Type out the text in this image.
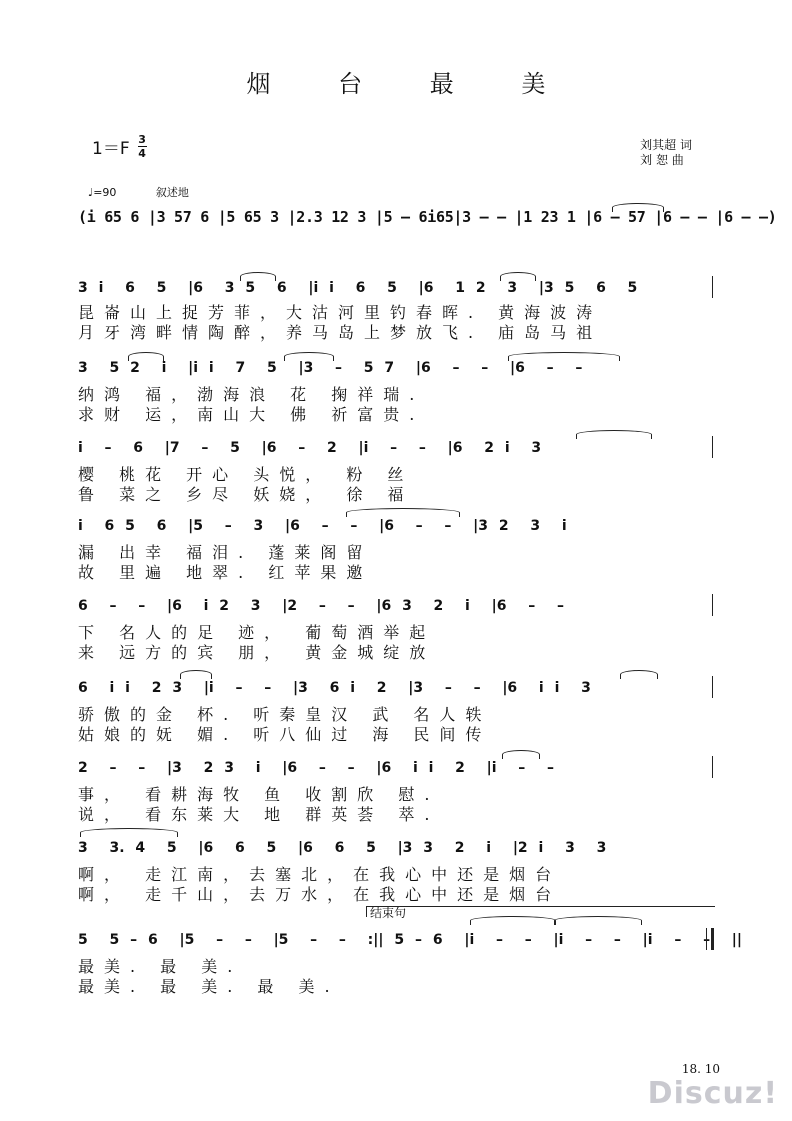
烟 台 最 美
$1=F \frac{3}{4}$	刘其超 词
刘 恕 曲
♩=90	叙述地
(i 65 6 |3 57 6 |5 65 3 |2.3 12 3 |5 – 6i65|3 – – |1 23 1 |6 – 57 |6 – – |6 – –)
3 i  6  5  |6  3 5  6  |i i  6  5  |6  1 2  3  |3 5  6  5
昆崙山上捉芳菲，大沽河里钓春晖. 黄海波涛
月牙湾畔情陶醉，养马岛上梦放飞. 庙岛马祖
3  5 2  i  |i i  7  5  |3  –  5 7  |6  –  –  |6  –  –
纳鸿 福，渤海浪 花 掬祥瑞.
求财 运，南山大 佛 祈富贵.
i  –  6  |7  –  5  |6  –  2  |i  –  –  |6  2 i  3
樱 桃花 开心 头悦， 粉 丝
鲁 菜之 乡尽 妖娆， 徐 福
i  6 5  6  |5  –  3  |6  –  –  |6  –  –  |3 2  3  i
漏 出幸 福泪. 蓬莱阁留
故 里遍 地翠. 红苹果邀
6  –  –  |6  i 2  3  |2  –  –  |6 3  2  i  |6  –  –
下 名人的足 迹， 葡萄酒举起
来 远方的宾 朋， 黄金城绽放
6  i i  2 3  |i  –  –  |3  6 i  2  |3  –  –  |6  i i  3
骄傲的金 杯. 听秦皇汉 武 名人轶
姑娘的妩 媚. 听八仙过 海 民间传
2  –  –  |3  2 3  i  |6  –  –  |6  i i  2  |i  –  –
事， 看耕海牧 鱼 收割欣 慰.
说， 看东莱大 地 群英荟 萃.
3  3. 4  5  |6  6  5  |6  6  5  |3 3  2  i  |2 i  3  3
啊， 走江南，去塞北，在我心中还是烟台
啊， 走千山，去万水，在我心中还是烟台
结束句
5  5 – 6  |5  –  –  |5  –  –  :|| 5 – 6  |i  –  –  |i  –  –  |i  –  –  ||
最美. 最 美.
最美. 最 美. 最 美.
18. 10
Discuz!
